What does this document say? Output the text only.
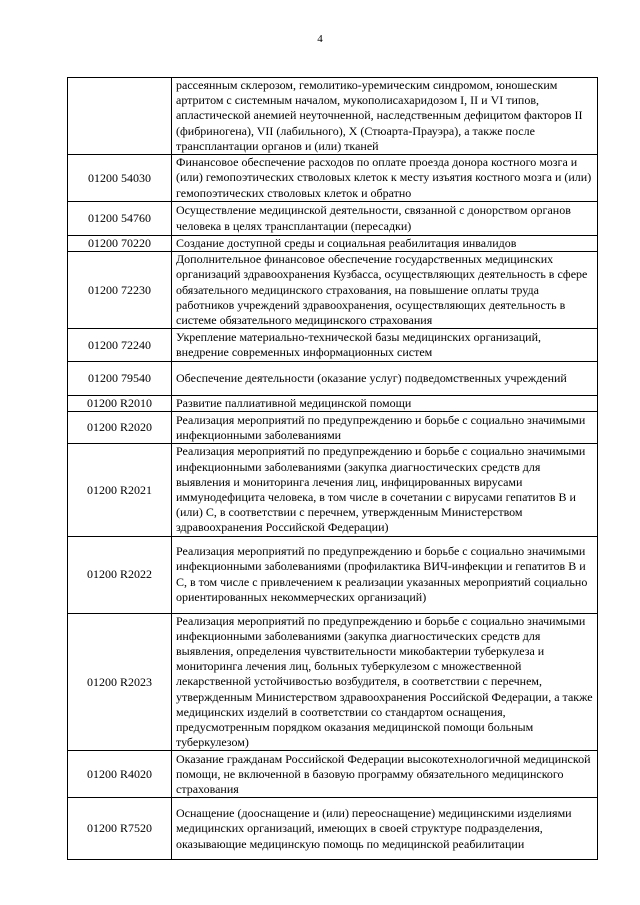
4
	рассеянным склерозом, гемолитико-уремическим синдромом, юношеским артритом с системным началом, мукополисахаридозом I, II и VI типов, апластической анемией неуточненной, наследственным дефицитом факторов II (фибриногена), VII (лабильного), X (Стюарта-Прауэра), а также после трансплантации органов и (или) тканей
01200 54030	Финансовое обеспечение расходов по оплате проезда донора костного мозга и (или) гемопоэтических стволовых клеток к месту изъятия костного мозга и (или) гемопоэтических стволовых клеток и обратно
01200 54760	Осуществление медицинской деятельности, связанной с донорством органов человека в целях трансплантации (пересадки)
01200 70220	Создание доступной среды и социальная реабилитация инвалидов
01200 72230	Дополнительное финансовое обеспечение государственных медицинских организаций здравоохранения Кузбасса, осуществляющих деятельность в сфере обязательного медицинского страхования, на повышение оплаты труда работников учреждений здравоохранения, осуществляющих деятельность в системе обязательного медицинского страхования
01200 72240	Укрепление материально-технической базы медицинских организаций, внедрение современных информационных систем
01200 79540	Обеспечение деятельности (оказание услуг) подведомственных учреждений
01200 R2010	Развитие паллиативной медицинской помощи
01200 R2020	Реализация мероприятий по предупреждению и борьбе с социально значимыми инфекционными заболеваниями
01200 R2021	Реализация мероприятий по предупреждению и борьбе с социально значимыми инфекционными заболеваниями (закупка диагностических средств для выявления и мониторинга лечения лиц, инфицированных вирусами иммунодефицита человека, в том числе в сочетании с вирусами гепатитов B и (или) C, в соответствии с перечнем, утвержденным Министерством здравоохранения Российской Федерации)
01200 R2022	Реализация мероприятий по предупреждению и борьбе с социально значимыми инфекционными заболеваниями (профилактика ВИЧ-инфекции и гепатитов B и C, в том числе с привлечением к реализации указанных мероприятий социально ориентированных некоммерческих организаций)
01200 R2023	Реализация мероприятий по предупреждению и борьбе с социально значимыми инфекционными заболеваниями (закупка диагностических средств для выявления, определения чувствительности микобактерии туберкулеза и мониторинга лечения лиц, больных туберкулезом с множественной лекарственной устойчивостью возбудителя, в соответствии с перечнем, утвержденным Министерством здравоохранения Российской Федерации, а также медицинских изделий в соответствии со стандартом оснащения, предусмотренным порядком оказания медицинской помощи больным туберкулезом)
01200 R4020	Оказание гражданам Российской Федерации высокотехнологичной медицинской помощи, не включенной в базовую программу обязательного медицинского страхования
01200 R7520	Оснащение (дооснащение и (или) переоснащение) медицинскими изделиями медицинских организаций, имеющих в своей структуре подразделения, оказывающие медицинскую помощь по медицинской реабилитации
